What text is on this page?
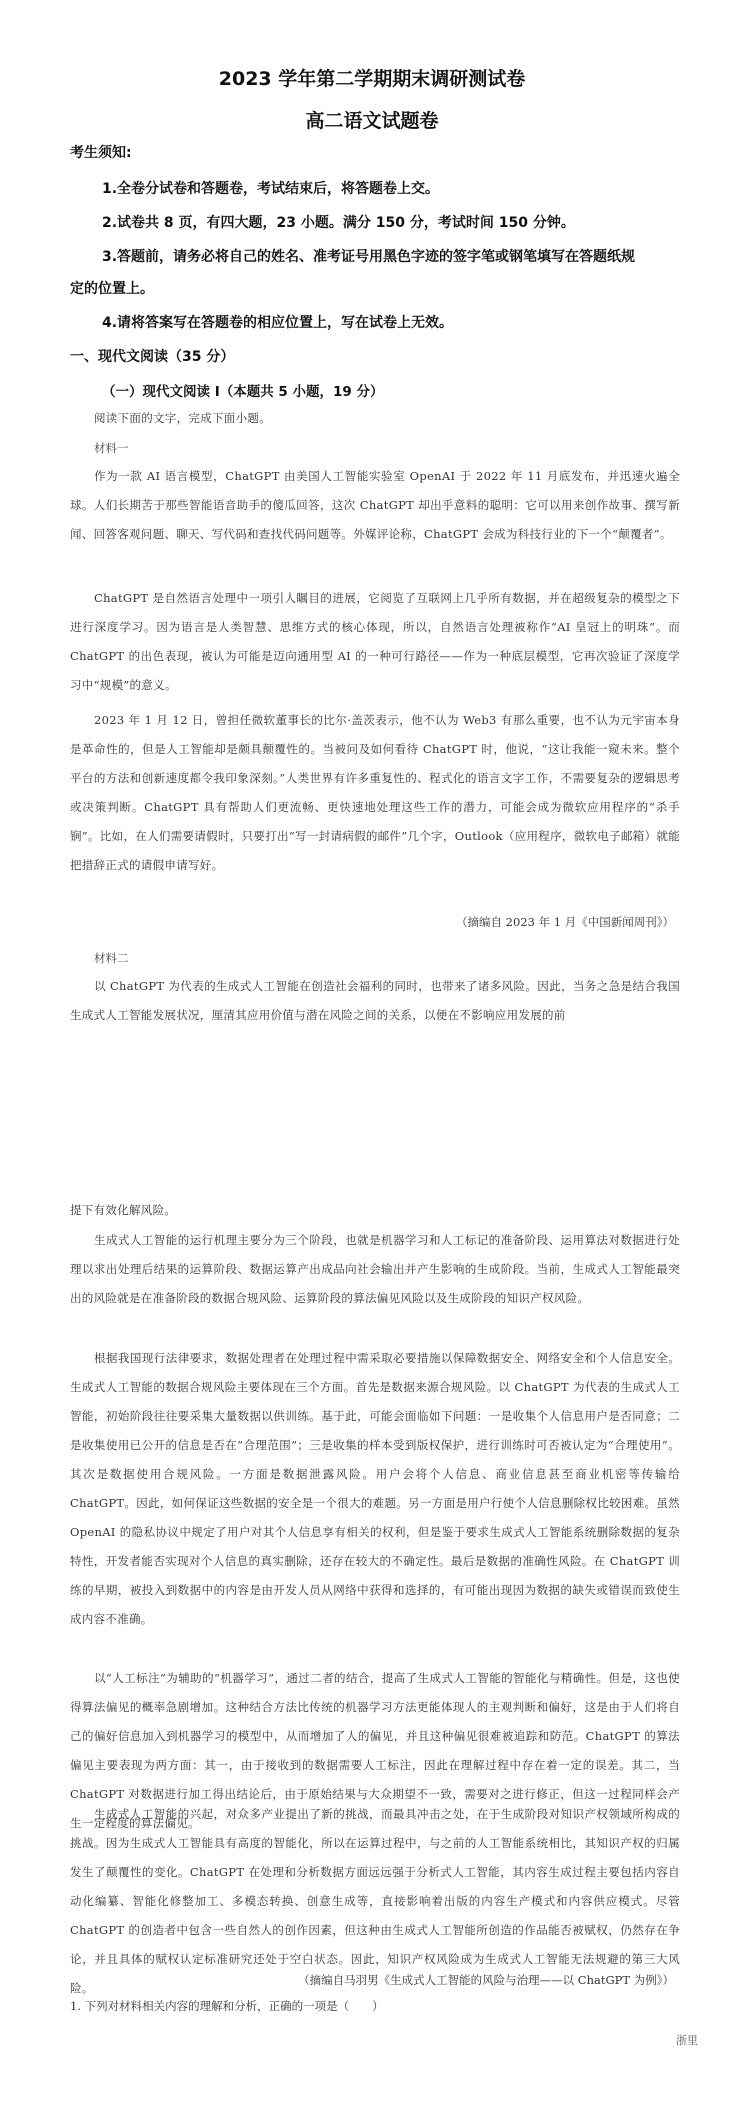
2023 学年第二学期期末调研测试卷
高二语文试题卷
考生须知:
1.全卷分试卷和答题卷，考试结束后，将答题卷上交。
2.试卷共 8 页，有四大题，23 小题。满分 150 分，考试时间 150 分钟。
3.答题前，请务必将自己的姓名、准考证号用黑色字迹的签字笔或钢笔填写在答题纸规
定的位置上。
4.请将答案写在答题卷的相应位置上，写在试卷上无效。
一、现代文阅读（35 分）
（一）现代文阅读 Ⅰ（本题共 5 小题，19 分）
阅读下面的文字，完成下面小题。
材料一
作为一款 AI 语言模型，ChatGPT 由美国人工智能实验室 OpenAI 于 2022 年 11 月底发布，并迅速火遍全球。人们长期苦于那些智能语音助手的傻瓜回答，这次 ChatGPT 却出乎意料的聪明：它可以用来创作故事、撰写新闻、回答客观问题、聊天、写代码和查找代码问题等。外媒评论称，ChatGPT 会成为科技行业的下一个“颠覆者”。
ChatGPT 是自然语言处理中一项引人瞩目的进展，它阅览了互联网上几乎所有数据，并在超级复杂的模型之下进行深度学习。因为语言是人类智慧、思维方式的核心体现，所以，自然语言处理被称作“AI 皇冠上的明珠”。而 ChatGPT 的出色表现，被认为可能是迈向通用型 AI 的一种可行路径——作为一种底层模型，它再次验证了深度学习中“规模”的意义。
2023 年 1 月 12 日，曾担任微软董事长的比尔·盖茨表示，他不认为 Web3 有那么重要，也不认为元宇宙本身是革命性的，但是人工智能却是颇具颠覆性的。当被问及如何看待 ChatGPT 时，他说，“这让我能一窥未来。整个平台的方法和创新速度都令我印象深刻。”人类世界有许多重复性的、程式化的语言文字工作，不需要复杂的逻辑思考或决策判断。ChatGPT 具有帮助人们更流畅、更快速地处理这些工作的潜力，可能会成为微软应用程序的“杀手锏”。比如，在人们需要请假时，只要打出“写一封请病假的邮件”几个字，Outlook（应用程序，微软电子邮箱）就能把措辞正式的请假申请写好。
（摘编自 2023 年 1 月《中国新闻周刊》）
材料二
以 ChatGPT 为代表的生成式人工智能在创造社会福利的同时，也带来了诸多风险。因此，当务之急是结合我国生成式人工智能发展状况，厘清其应用价值与潜在风险之间的关系，以便在不影响应用发展的前
提下有效化解风险。
生成式人工智能的运行机理主要分为三个阶段，也就是机器学习和人工标记的准备阶段、运用算法对数据进行处理以求出处理后结果的运算阶段、数据运算产出成品向社会输出并产生影响的生成阶段。当前，生成式人工智能最突出的风险就是在准备阶段的数据合规风险、运算阶段的算法偏见风险以及生成阶段的知识产权风险。
根据我国现行法律要求，数据处理者在处理过程中需采取必要措施以保障数据安全、网络安全和个人信息安全。生成式人工智能的数据合规风险主要体现在三个方面。首先是数据来源合规风险。以 ChatGPT 为代表的生成式人工智能，初始阶段往往要采集大量数据以供训练。基于此，可能会面临如下问题：一是收集个人信息用户是否同意；二是收集使用已公开的信息是否在“合理范围”；三是收集的样本受到版权保护，进行训练时可否被认定为“合理使用”。其次是数据使用合规风险。一方面是数据泄露风险。用户会将个人信息、商业信息甚至商业机密等传输给 ChatGPT。因此，如何保证这些数据的安全是一个很大的难题。另一方面是用户行使个人信息删除权比较困难。虽然 OpenAI 的隐私协议中规定了用户对其个人信息享有相关的权利，但是鉴于要求生成式人工智能系统删除数据的复杂特性，开发者能否实现对个人信息的真实删除，还存在较大的不确定性。最后是数据的准确性风险。在 ChatGPT 训练的早期，被投入到数据中的内容是由开发人员从网络中获得和选择的，有可能出现因为数据的缺失或错误而致使生成内容不准确。
以“人工标注”为辅助的“机器学习”，通过二者的结合，提高了生成式人工智能的智能化与精确性。但是，这也使得算法偏见的概率急剧增加。这种结合方法比传统的机器学习方法更能体现人的主观判断和偏好，这是由于人们将自己的偏好信息加入到机器学习的模型中，从而增加了人的偏见，并且这种偏见很难被追踪和防范。ChatGPT 的算法偏见主要表现为两方面：其一，由于接收到的数据需要人工标注，因此在理解过程中存在着一定的误差。其二，当 ChatGPT 对数据进行加工得出结论后，由于原始结果与大众期望不一致，需要对之进行修正，但这一过程同样会产生一定程度的算法偏见。
生成式人工智能的兴起，对众多产业提出了新的挑战，而最具冲击之处，在于生成阶段对知识产权领域所构成的挑战。因为生成式人工智能具有高度的智能化，所以在运算过程中，与之前的人工智能系统相比，其知识产权的归属发生了颠覆性的变化。ChatGPT 在处理和分析数据方面远远强于分析式人工智能，其内容生成过程主要包括内容自动化编纂、智能化修整加工、多模态转换、创意生成等，直接影响着出版的内容生产模式和内容供应模式。尽管 ChatGPT 的创造者中包含一些自然人的创作因素，但这种由生成式人工智能所创造的作品能否被赋权，仍然存在争论，并且具体的赋权认定标准研究还处于空白状态。因此，知识产权风险成为生成式人工智能无法规避的第三大风险。
（摘编自马羽男《生成式人工智能的风险与治理——以 ChatGPT 为例》）
1. 下列对材料相关内容的理解和分析，正确的一项是（　　）
浙里
